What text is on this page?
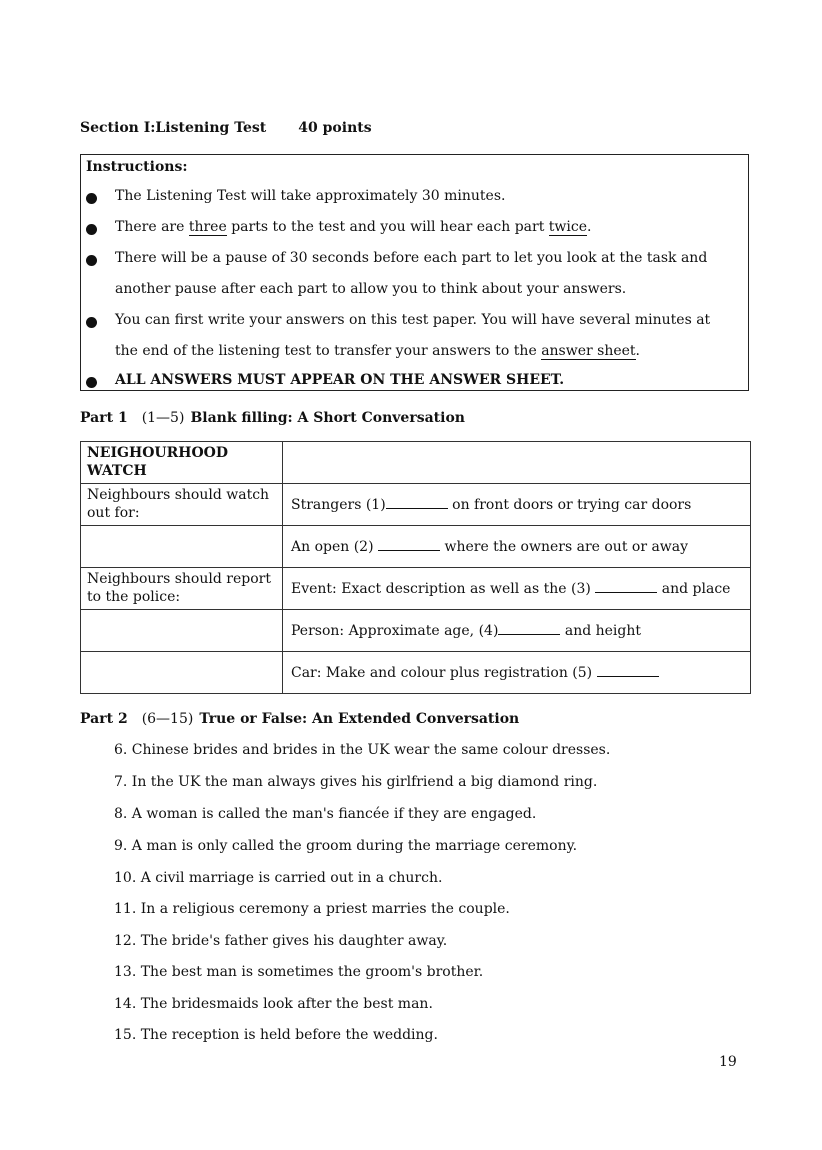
Section Ⅰ:Listening Test 40 points
Instructions:
The Listening Test will take approximately 30 minutes.
There are three parts to the test and you will hear each part twice.
There will be a pause of 30 seconds before each part to let you look at the task and
another pause after each part to allow you to think about your answers.
You can first write your answers on this test paper. You will have several minutes at
the end of the listening test to transfer your answers to the answer sheet.
ALL ANSWERS MUST APPEAR ON THE ANSWER SHEET.
Part 1 (1—5) Blank filling: A Short Conversation
NEIGHOURHOOD WATCH	
Neighbours should watch out for:	Strangers (1) on front doors or trying car doors
	An open (2) where the owners are out or away
Neighbours should report to the police:	Event: Exact description as well as the (3) and place
	Person: Approximate age, (4) and height
	Car: Make and colour plus registration (5)
Part 2 (6—15) True or False: An Extended Conversation
6. Chinese brides and brides in the UK wear the same colour dresses.
7. In the UK the man always gives his girlfriend a big diamond ring.
8. A woman is called the man's fiancée if they are engaged.
9. A man is only called the groom during the marriage ceremony.
10. A civil marriage is carried out in a church.
11. In a religious ceremony a priest marries the couple.
12. The bride's father gives his daughter away.
13. The best man is sometimes the groom's brother.
14. The bridesmaids look after the best man.
15. The reception is held before the wedding.
19
